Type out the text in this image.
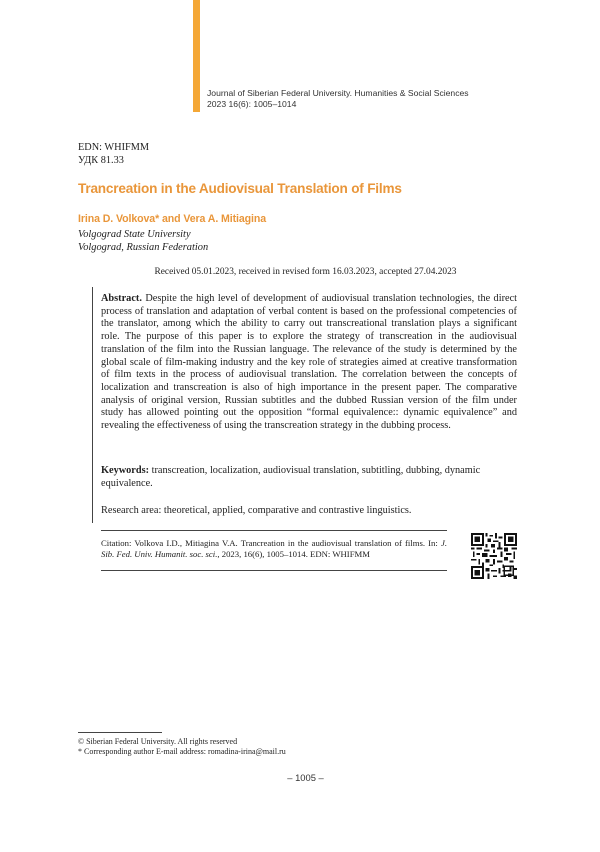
Journal of Siberian Federal University. Humanities & Social Sciences
2023 16(6): 1005–1014
EDN: WHIFMM
УДК 81.33
Trancreation in the Audiovisual Translation of Films
Irina D. Volkova* and Vera A. Mitiagina
Volgograd State University
Volgograd, Russian Federation
Received 05.01.2023, received in revised form 16.03.2023, accepted 27.04.2023
Abstract. Despite the high level of development of audiovisual translation technologies, the direct process of translation and adaptation of verbal content is based on the professional competencies of the translator, among which the ability to carry out transcreational translation plays a significant role. The purpose of this paper is to explore the strategy of transcreation in the audiovisual translation of the film into the Russian language. The relevance of the study is determined by the global scale of film-making industry and the key role of strategies aimed at creative transformation of film texts in the process of audiovisual translation. The correlation between the concepts of localization and transcreation is also of high importance in the present paper. The comparative analysis of original version, Russian subtitles and the dubbed Russian version of the film under study has allowed pointing out the opposition “formal equivalence:: dynamic equivalence” and revealing the effectiveness of using the transcreation strategy in the dubbing process.
Keywords: transcreation, localization, audiovisual translation, subtitling, dubbing, dynamic equivalence.
Research area: theoretical, applied, comparative and contrastive linguistics.
Citation: Volkova I.D., Mitiagina V.A. Trancreation in the audiovisual translation of films. In: J. Sib. Fed. Univ. Humanit. soc. sci., 2023, 16(6), 1005–1014. EDN: WHIFMM
© Siberian Federal University. All rights reserved
* Corresponding author E-mail address: romadina-irina@mail.ru
– 1005 –
